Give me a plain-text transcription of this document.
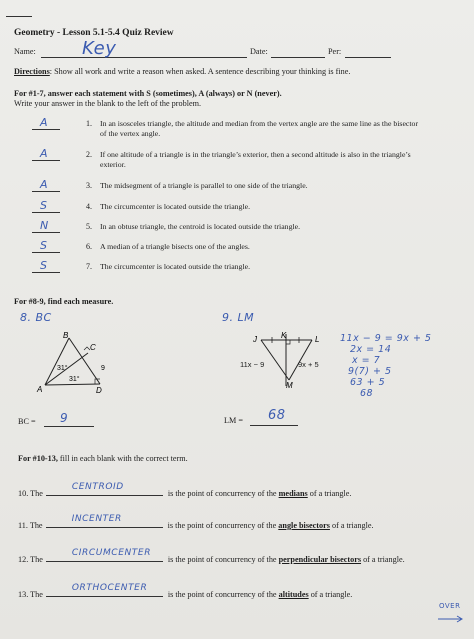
Geometry - Lesson 5.1-5.4 Quiz Review
Name:	Key	Date:	Per:
Directions: Show all work and write a reason when asked. A sentence describing your thinking is fine.
For #1-7, answer each statement with S (sometimes), A (always) or N (never).
Write your answer in the blank to the left of the problem.
A	1. In an isosceles triangle, the altitude and median from the vertex angle are the same line as the bisector of the vertex angle.
A	2. If one altitude of a triangle is in the triangle’s exterior, then a second altitude is also in the triangle’s exterior.
A	3. The midsegment of a triangle is parallel to one side of the triangle.
S	4. The circumcenter is located outside the triangle.
N	5. In an obtuse triangle, the centroid is located outside the triangle.
S	6. A median of a triangle bisects one of the angles.
S	7. The circumcenter is located outside the triangle.
For #8-9, find each measure.
8. BC
B
C
A	D
31°
31°
9
BC = 9
9. LM
J	K	L
M
11x − 9	9x + 5
11x − 9 = 9x + 5
2x = 14
x = 7
9(7) + 5
63 + 5
68
LM = 68
For #10-13, fill in each blank with the correct term.
10. The
CENTROID
is the point of concurrency of the medians of a triangle.
11. The
INCENTER
is the point of concurrency of the angle bisectors of a triangle.
12. The
CIRCUMCENTER
is the point of concurrency of the perpendicular bisectors of a triangle.
13. The
ORTHOCENTER
is the point of concurrency of the altitudes of a triangle.
OVER
